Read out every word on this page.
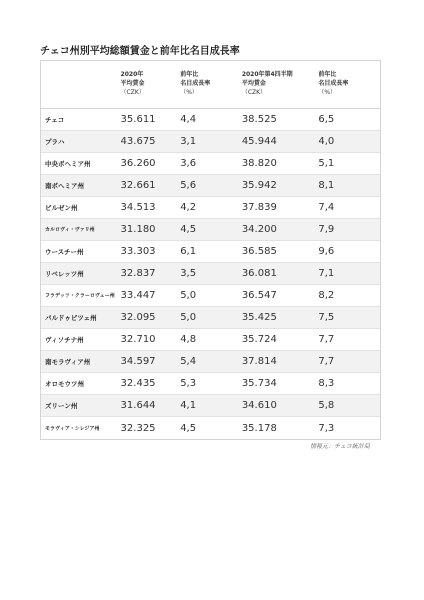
チェコ州別平均総額賃金と前年比名目成長率
2020年
平均賃金
（CZK）
前年比
名目成長率
（%）
2020年第4四半期
平均賃金
（CZK）
前年比
名目成長率
（%）
チェコ	35.611	4,4	38.525	6,5
プラハ	43.675	3,1	45.944	4,0
中央ボヘミア州	36.260	3,6	38.820	5,1
南ボヘミア州	32.661	5,6	35.942	8,1
ピルゼン州	34.513	4,2	37.839	7,4
カルロヴィ・ヴァリ州	31.180	4,5	34.200	7,9
ウースチー州	33.303	6,1	36.585	9,6
リベレッツ州	32.837	3,5	36.081	7,1
フラデッツ・クラーロヴェー州 33.447	5,0	36.547	8,2
パルドゥビツェ州	32.095	5,0	35.425	7,5
ヴィソチナ州	32.710	4,8	35.724	7,7
南モラヴィア州	34.597	5,4	37.814	7,7
オロモウツ州	32.435	5,3	35.734	8,3
ズリーン州	31.644	4,1	34.610	5,8
モラヴィア・シレジア州	32.325	4,5	35.178	7,3
情報元：チェコ統計局
